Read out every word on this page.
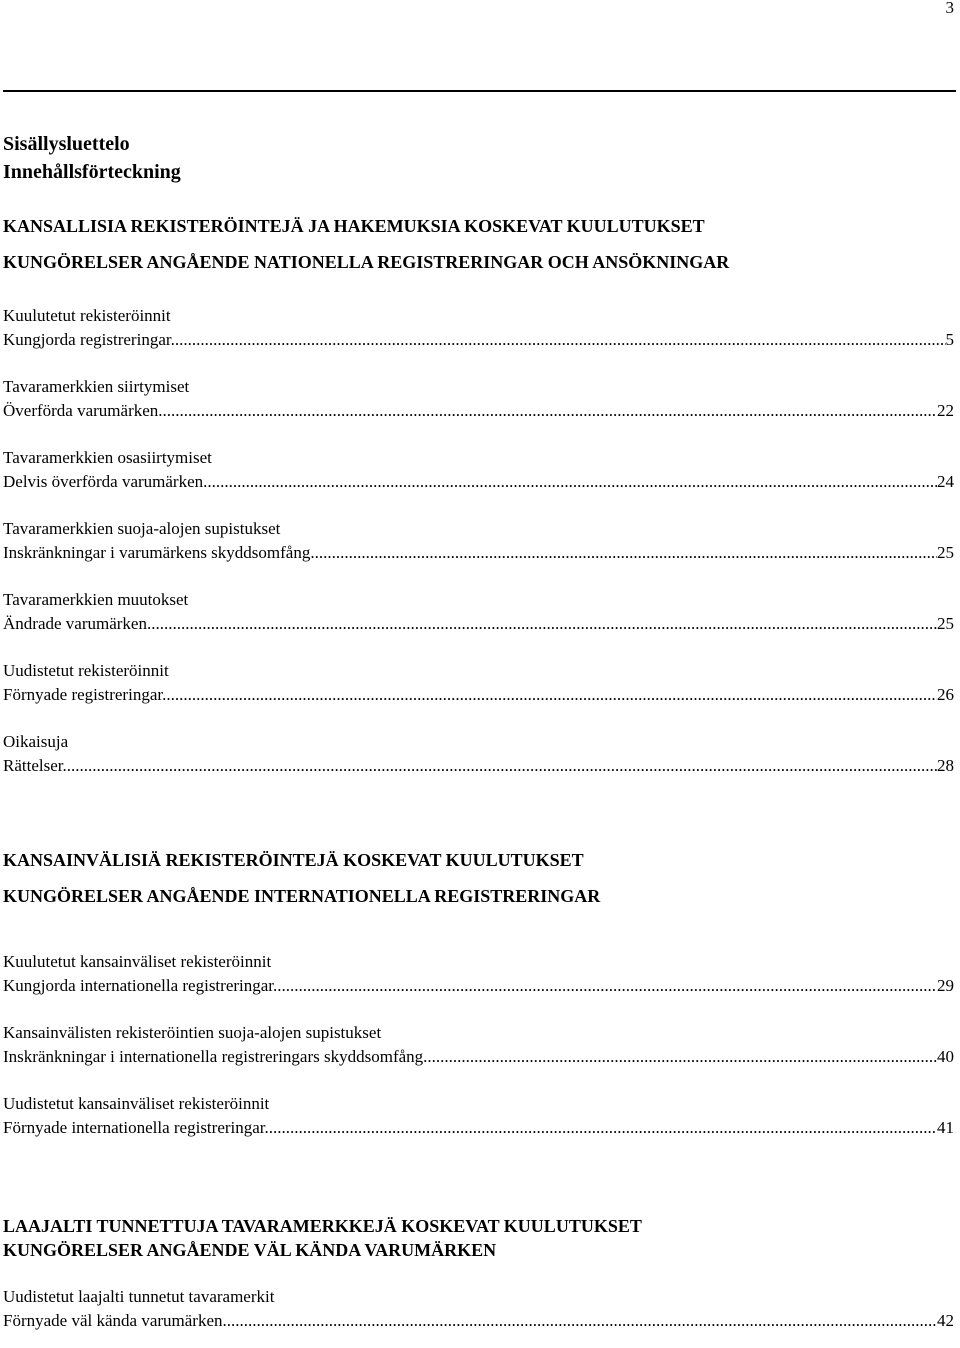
3
Sisällysluettelo
Innehållsförteckning
KANSALLISIA REKISTERÖINTEJÄ JA HAKEMUKSIA KOSKEVAT KUULUTUKSET
KUNGÖRELSER ANGÅENDE NATIONELLA REGISTRERINGAR OCH ANSÖKNINGAR
Kuulutetut rekisteröinnit
Kungjorda registreringar .....	5
Tavaramerkkien siirtymiset
Överförda varumärken .....	22
Tavaramerkkien osasiirtymiset
Delvis överförda varumärken .....	24
Tavaramerkkien suoja-alojen supistukset
Inskränkningar i varumärkens skyddsomfång .....	25
Tavaramerkkien muutokset
Ändrade varumärken .....	25
Uudistetut rekisteröinnit
Förnyade registreringar .....	26
Oikaisuja
Rättelser .....	28
KANSAINVÄLISIÄ REKISTERÖINTEJÄ KOSKEVAT KUULUTUKSET
KUNGÖRELSER ANGÅENDE INTERNATIONELLA REGISTRERINGAR
Kuulutetut kansainväliset rekisteröinnit
Kungjorda internationella registreringar .....	29
Kansainvälisten rekisteröintien suoja-alojen supistukset
Inskränkningar i internationella registreringars skyddsomfång .....	40
Uudistetut kansainväliset rekisteröinnit
Förnyade internationella registreringar .....	41
LAAJALTI TUNNETTUJA TAVARAMERKKEJÄ KOSKEVAT KUULUTUKSET
KUNGÖRELSER ANGÅENDE VÄL KÄNDA VARUMÄRKEN
Uudistetut laajalti tunnetut tavaramerkit
Förnyade väl kända varumärken .....	42
